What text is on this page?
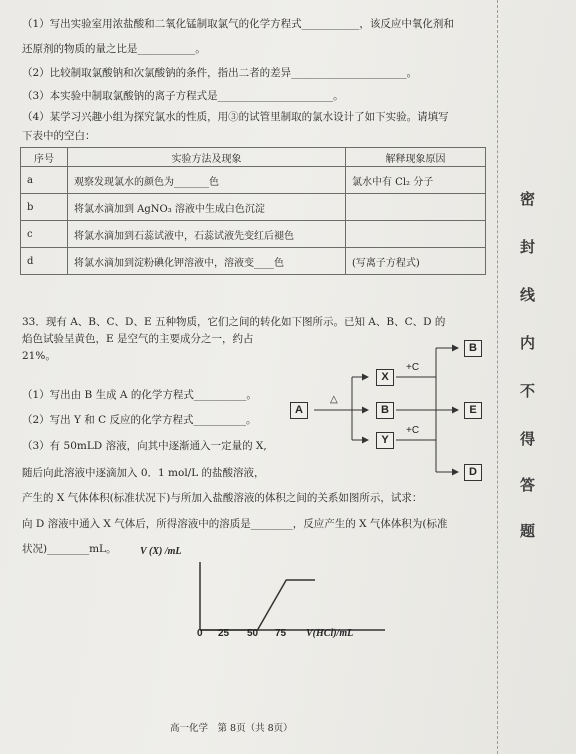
（1）写出实验室用浓盐酸和二氧化锰制取氯气的化学方程式___________，该反应中氧化剂和
还原剂的物质的量之比是___________。
（2）比较制取氯酸钠和次氯酸钠的条件，指出二者的差异______________________。
（3）本实验中制取氯酸钠的离子方程式是______________________。
（4）某学习兴趣小组为探究氯水的性质，用③的试管里制取的氯水设计了如下实验。请填写
下表中的空白：
序号	实验方法及现象	解释现象原因
a	观察发现氯水的颜色为_______色	氯水中有 Cl₂ 分子
b	将氯水滴加到 AgNO₃ 溶液中生成白色沉淀	
c	将氯水滴加到石蕊试液中，石蕊试液先变红后褪色	
d	将氯水滴加到淀粉碘化钾溶液中，溶液变____色	(写离子方程式)
33．现有 A、B、C、D、E 五种物质，它们之间的转化如下图所示。已知 A、B、C、D 的
焰色试验呈黄色，E 是空气的主要成分之一，约占
21%。
（1）写出由 B 生成 A 的化学方程式__________。
（2）写出 Y 和 C 反应的化学方程式__________。
（3）有 50mLD 溶液，向其中逐渐通入一定量的 X,
随后向此溶液中逐滴加入 0．1 mol/L 的盐酸溶液，
产生的 X 气体体积(标准状况下)与所加入盐酸溶液的体积之间的关系如图所示，试求：
向 D 溶液中通入 X 气体后，所得溶液中的溶质是________，反应产生的 X 气体体积为(标准
状况)________mL。
A
X
B
Y
B
E
D
△
+C
+C
V (X) /mL
V(HCl)/mL
0 25 50 75
密
封
线
内
不
得
答
题
高一化学　第 8页（共 8页）
